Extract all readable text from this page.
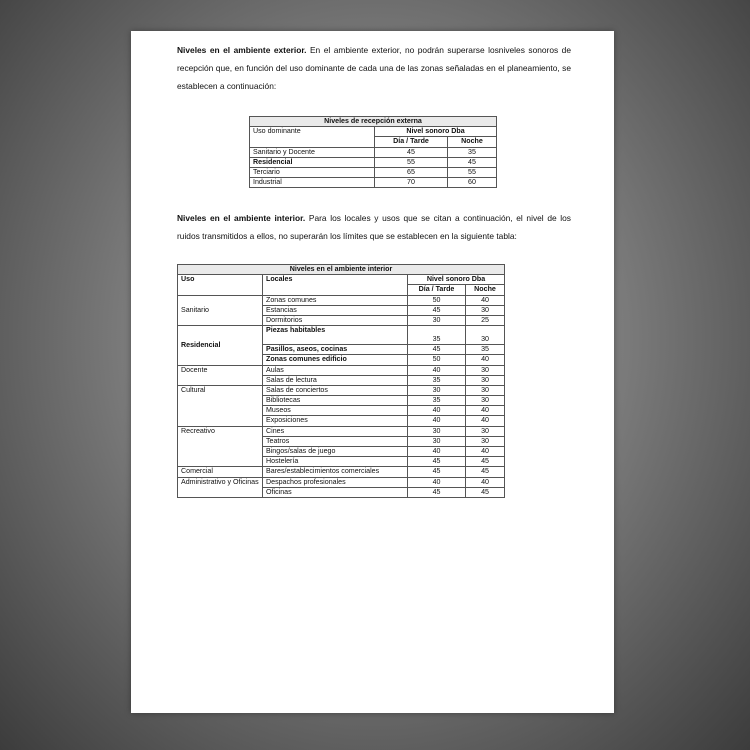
Niveles en el ambiente exterior. En el ambiente exterior, no podrán superarse losniveles sonoros de recepción que, en función del uso dominante de cada una de las zonas señaladas en el planeamiento, se establecen a continuación:
Niveles de recepción externa		
Uso dominante	Nivel sonoro Dba	
	Día / Tarde	Noche
Sanitario y Docente	45	35
Residencial	55	45
Terciario	65	55
Industrial	70	60
Niveles en el ambiente interior. Para los locales y usos que se citan a continuación, el nivel de los ruidos transmitidos a ellos, no superarán los límites que se establecen en la siguiente tabla:
Niveles en el ambiente interior			
Uso	Locales	Nivel sonoro Dba	
		Día / Tarde	Noche
Sanitario	Zonas comunes	50	40
	Estancias	45	30
	Dormitorios	30	25
Residencial	Piezas habitables	35	30
	Pasillos, aseos, cocinas	45	35
	Zonas comunes edificio	50	40
Docente	Aulas	40	30
	Salas de lectura	35	30
Cultural	Salas de conciertos	30	30
	Bibliotecas	35	30
	Museos	40	40
	Exposiciones	40	40
Recreativo	Cines	30	30
	Teatros	30	30
	Bingos/salas de juego	40	40
	Hostelería	45	45
Comercial	Bares/establecimientos comerciales	45	45
Administrativo y Oficinas	Despachos profesionales	40	40
	Oficinas	45	45
